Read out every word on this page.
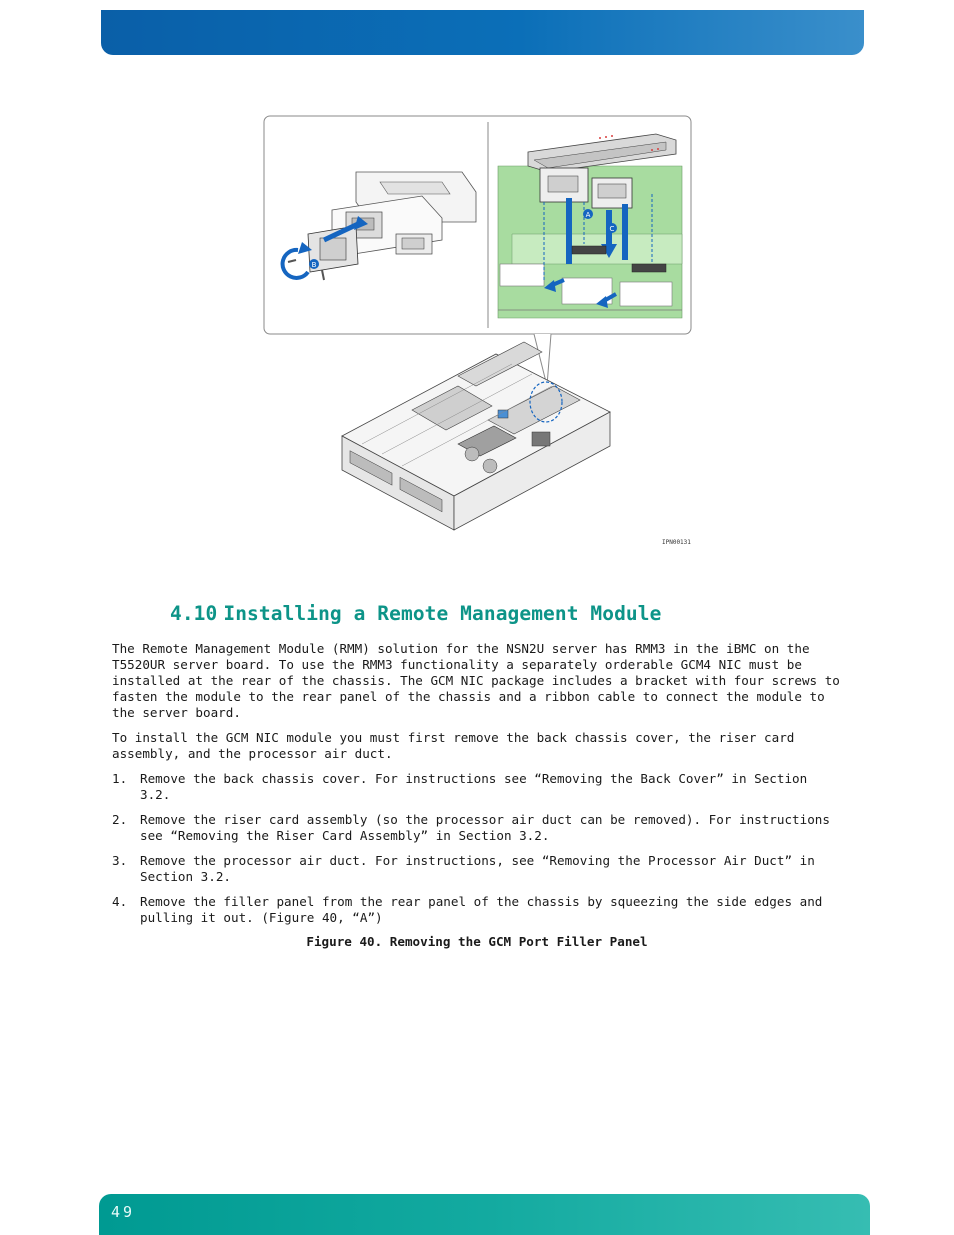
B
A
C
IPN00131
4.10 Installing a Remote Management Module

The Remote Management Module (RMM) solution for the NSN2U server has RMM3 in the iBMC on the T5520UR server board. To use the RMM3 functionality a separately orderable GCM4 NIC must be installed at the rear of the chassis. The GCM NIC package includes a bracket with four screws to fasten the module to the rear panel of the chassis and a ribbon cable to connect the module to the server board.

To install the GCM NIC module you must first remove the back chassis cover, the riser card assembly, and the processor air duct.

1. Remove the back chassis cover. For instructions see “Removing the Back Cover” in Section 3.2.
2. Remove the riser card assembly (so the processor air duct can be removed). For instructions see “Removing the Riser Card Assembly” in Section 3.2.
3. Remove the processor air duct. For instructions, see “Removing the Processor Air Duct” in Section 3.2.
4. Remove the filler panel from the rear panel of the chassis by squeezing the side edges and pulling it out. (Figure 40, “A”)
Figure 40. Removing the GCM Port Filler Panel
49
